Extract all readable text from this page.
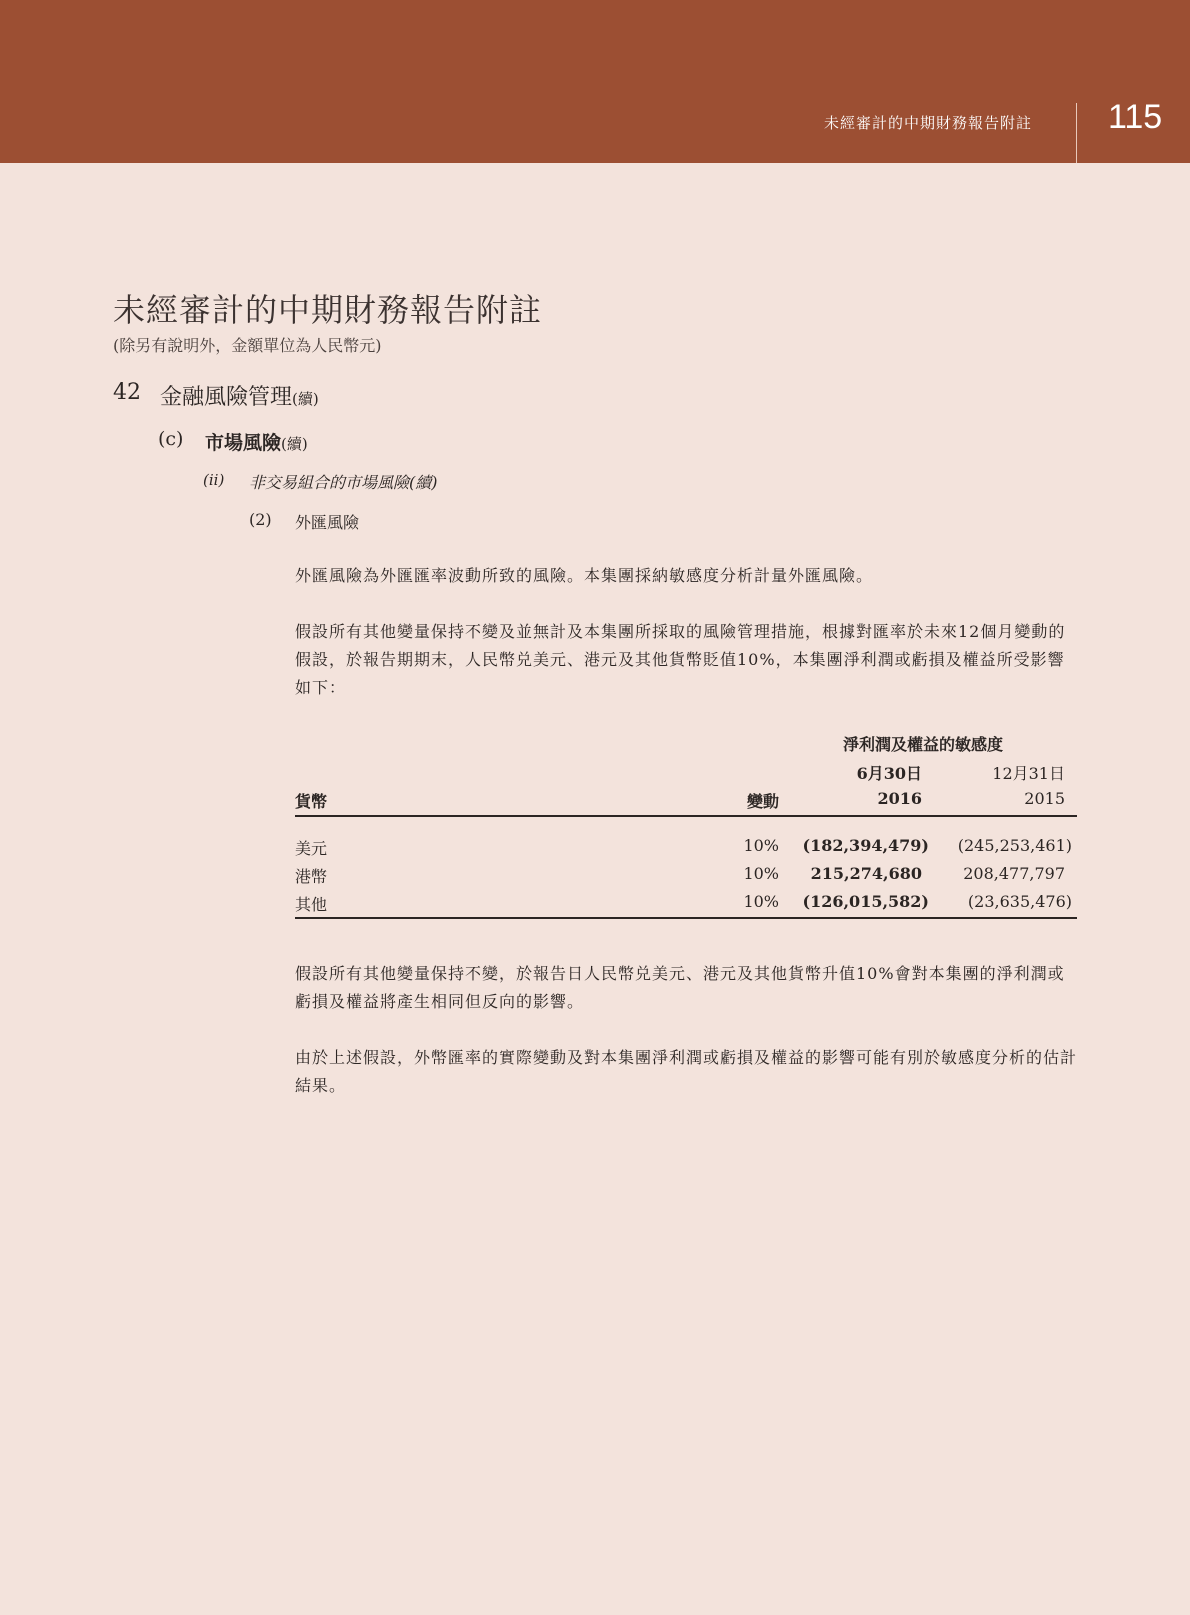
未經審計的中期財務報告附註 115
未經審計的中期財務報告附註
(除另有說明外，金額單位為人民幣元)
42 金融風險管理(續)
(c) 市場風險(續)
(ii) 非交易組合的市場風險(續)
(2) 外匯風險
外匯風險為外匯匯率波動所致的風險。本集團採納敏感度分析計量外匯風險。
假設所有其他變量保持不變及並無計及本集團所採取的風險管理措施，根據對匯率於未來12個月變動的假設，於報告期期末，人民幣兑美元、港元及其他貨幣貶值10%，本集團淨利潤或虧損及權益所受影響如下：
淨利潤及權益的敏感度
6月30日	12月31日
貨幣	變動	2016	2015
美元	10% (182,394,479) (245,253,461)
港幣	10% 215,274,680	208,477,797
其他	10% (126,015,582) (23,635,476)
假設所有其他變量保持不變，於報告日人民幣兑美元、港元及其他貨幣升值10%會對本集團的淨利潤或虧損及權益將產生相同但反向的影響。
由於上述假設，外幣匯率的實際變動及對本集團淨利潤或虧損及權益的影響可能有別於敏感度分析的估計結果。
